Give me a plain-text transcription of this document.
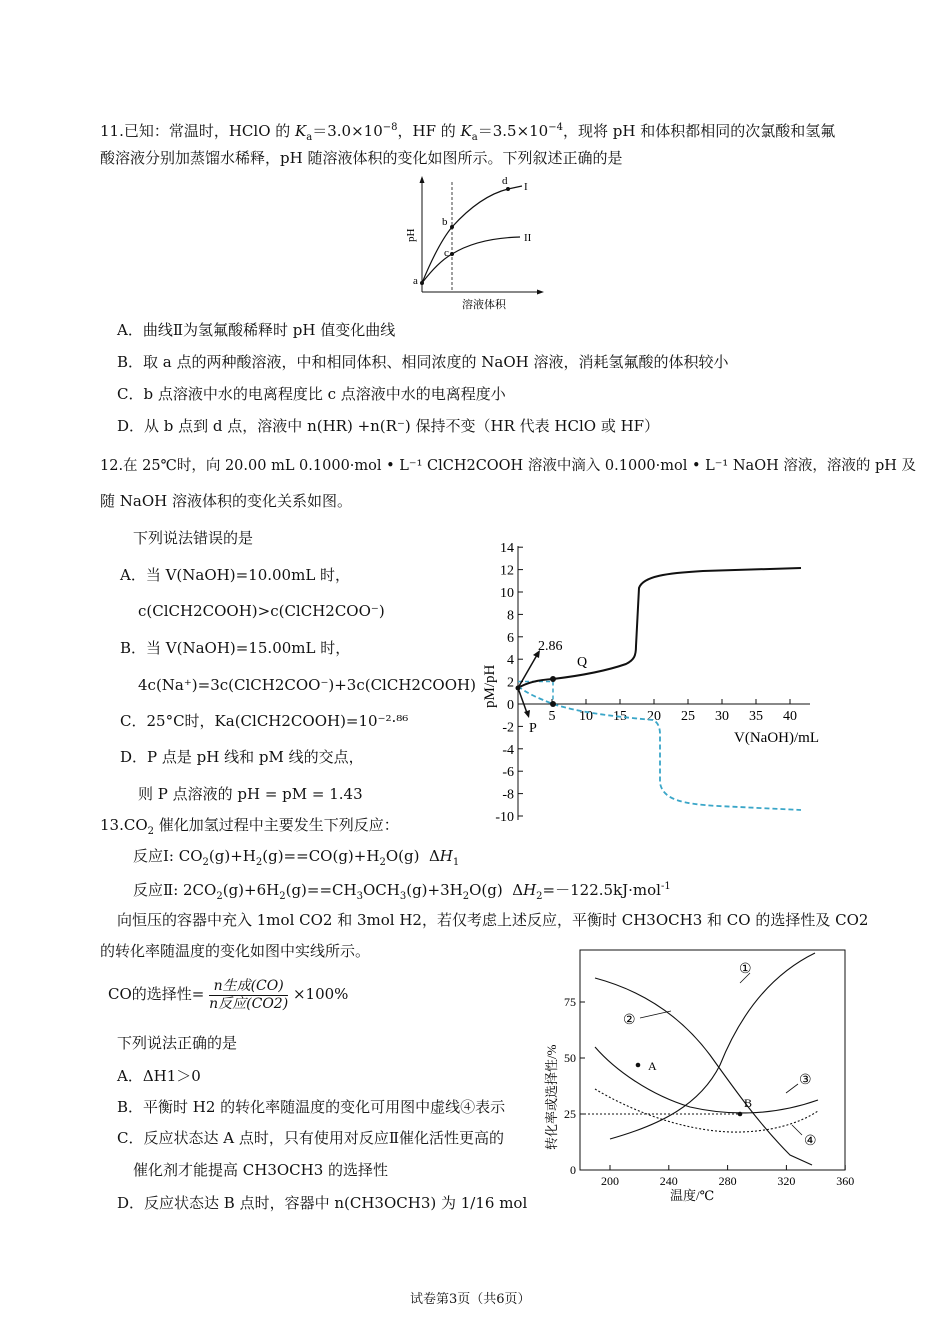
11.已知：常温时，HClO 的 $K_a=3.0\times 10^{-8}$，HF 的 $K_a=3.5\times 10^{-4}$，现将 pH 和体积都相同的次氯酸和氢氟
酸溶液分别加蒸馏水稀释，pH 随溶液体积的变化如图所示。下列叙述正确的是
a
b
c
d I
II
pH
溶液体积
A．曲线Ⅱ为氢氟酸稀释时 pH 值变化曲线
B．取 a 点的两种酸溶液，中和相同体积、相同浓度的 NaOH 溶液，消耗氢氟酸的体积较小
C．b 点溶液中水的电离程度比 c 点溶液中水的电离程度小
D．从 b 点到 d 点，溶液中 n(HR) +n(R⁻) 保持不变（HR 代表 HClO 或 HF）
12.在 25℃时，向 20.00 mL 0.1000·mol • L⁻¹ ClCH2COOH 溶液中滴入 0.1000·mol • L⁻¹ NaOH 溶液，溶液的 pH 及
随 NaOH 溶液体积的变化关系如图。
下列说法错误的是
A．当 V(NaOH)=10.00mL 时，
c(ClCH2COOH)>c(ClCH2COO⁻)
B．当 V(NaOH)=15.00mL 时，
4c(Na⁺)=3c(ClCH2COO⁻)+3c(ClCH2COOH)
C．25°C时，Ka(ClCH2COOH)=10⁻²·⁸⁶
D．P 点是 pH 线和 pM 线的交点，
则 P 点溶液的 pH = pM = 1.43
14
12
10
8
6
4
2
0
-2
-4
-6
-8
-10
5 10 15 20 25 30 35 40
2.86
Q
P
pM/pH
V(NaOH)/mL
$13.CO_2$ 催化加氢过程中主要发生下列反应：
反应Ⅰ: $CO_2(g)+H_2(g)==CO(g)+H_2O(g)$  $\Delta H_1$
反应Ⅱ: $2CO_2(g)+6H_2(g)==CH_3OCH_3(g)+3H_2O(g)$  $\Delta H_2=-122.5kJ\cdot mol^{-1}$
向恒压的容器中充入 1mol CO2 和 3mol H2，若仅考虑上述反应，平衡时 CH3OCH3 和 CO 的选择性及 CO2
的转化率随温度的变化如图中实线所示。
CO的选择性= $\frac{\text{n生成(CO)}}{\text{n反应(CO2)}} \times 100\%$
下列说法正确的是
A．ΔH1＞0
B．平衡时 H2 的转化率随温度的变化可用图中虚线④表示
C．反应状态达 A 点时，只有使用对反应Ⅱ催化活性更高的
催化剂才能提高 CH3OCH3 的选择性
D．反应状态达 B 点时，容器中 n(CH3OCH3) 为 1/16 mol
0
25
50
75
200	240	280	320	360
A
B
①
②
③
④
转化率或选择性/%
温度/℃
试卷第3页（共6页）
